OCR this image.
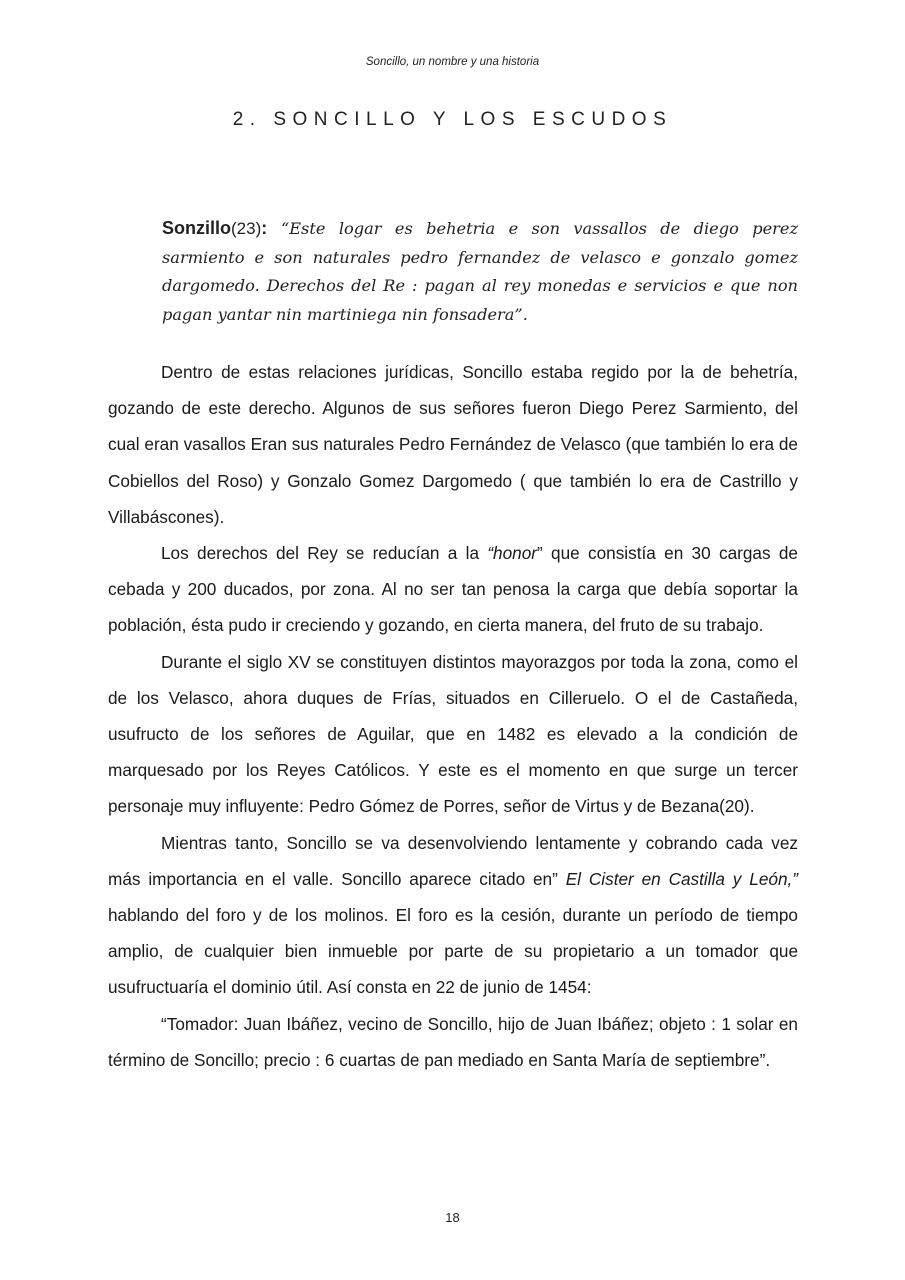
Soncillo, un nombre y una historia
2. SONCILLO Y LOS ESCUDOS
Sonzillo(23): “Este logar es behetria e son vassallos de diego perez sarmiento e son naturales pedro fernandez de velasco e gonzalo gomez dargomedo. Derechos del Re : pagan al rey monedas e servicios e que non pagan yantar nin martiniega nin fonsadera”.

Dentro de estas relaciones jurídicas, Soncillo estaba regido por la de behetría, gozando de este derecho. Algunos de sus señores fueron Diego Perez Sarmiento, del cual eran vasallos Eran sus naturales Pedro Fernández de Velasco (que también lo era de Cobiellos del Roso) y Gonzalo Gomez Dargomedo ( que también lo era de Castrillo y Villabáscones).

Los derechos del Rey se reducían a la “honor” que consistía en 30 cargas de cebada y 200 ducados, por zona. Al no ser tan penosa la carga que debía soportar la población, ésta pudo ir creciendo y gozando, en cierta manera, del fruto de su trabajo.

Durante el siglo XV se constituyen distintos mayorazgos por toda la zona, como el de los Velasco, ahora duques de Frías, situados en Cilleruelo. O el de Castañeda, usufructo de los señores de Aguilar, que en 1482 es elevado a la condición de marquesado por los Reyes Católicos. Y este es el momento en que surge un tercer personaje muy influyente: Pedro Gómez de Porres, señor de Virtus y de Bezana(20).

Mientras tanto, Soncillo se va desenvolviendo lentamente y cobrando cada vez más importancia en el valle. Soncillo aparece citado en” El Cister en Castilla y León,” hablando del foro y de los molinos. El foro es la cesión, durante un período de tiempo amplio, de cualquier bien inmueble por parte de su propietario a un tomador que usufructuaría el dominio útil. Así consta en 22 de junio de 1454:

“Tomador: Juan Ibáñez, vecino de Soncillo, hijo de Juan Ibáñez; objeto : 1 solar en término de Soncillo; precio : 6 cuartas de pan mediado en Santa María de septiembre”.

18
